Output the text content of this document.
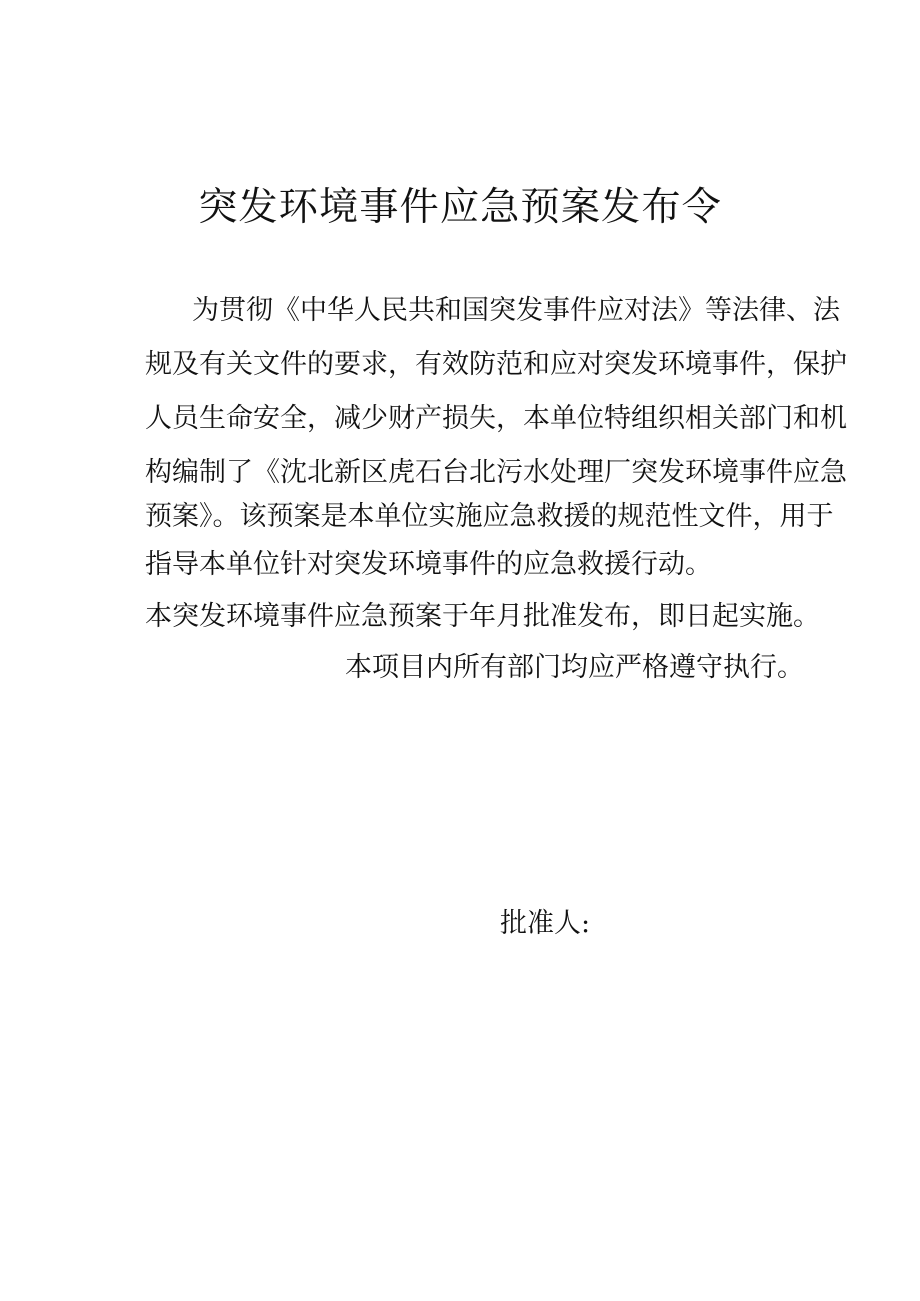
突发环境事件应急预案发布令

为贯彻《中华人民共和国突发事件应对法》等法律、法

规及有关文件的要求，有效防范和应对突发环境事件，保护

人员生命安全，减少财产损失，本单位特组织相关部门和机

构编制了《沈北新区虎石台北污水处理厂突发环境事件应急

预案》。该预案是本单位实施应急救援的规范性文件，用于

指导本单位针对突发环境事件的应急救援行动。

本突发环境事件应急预案于年月批准发布，即日起实施。

本项目内所有部门均应严格遵守执行。

批准人:
